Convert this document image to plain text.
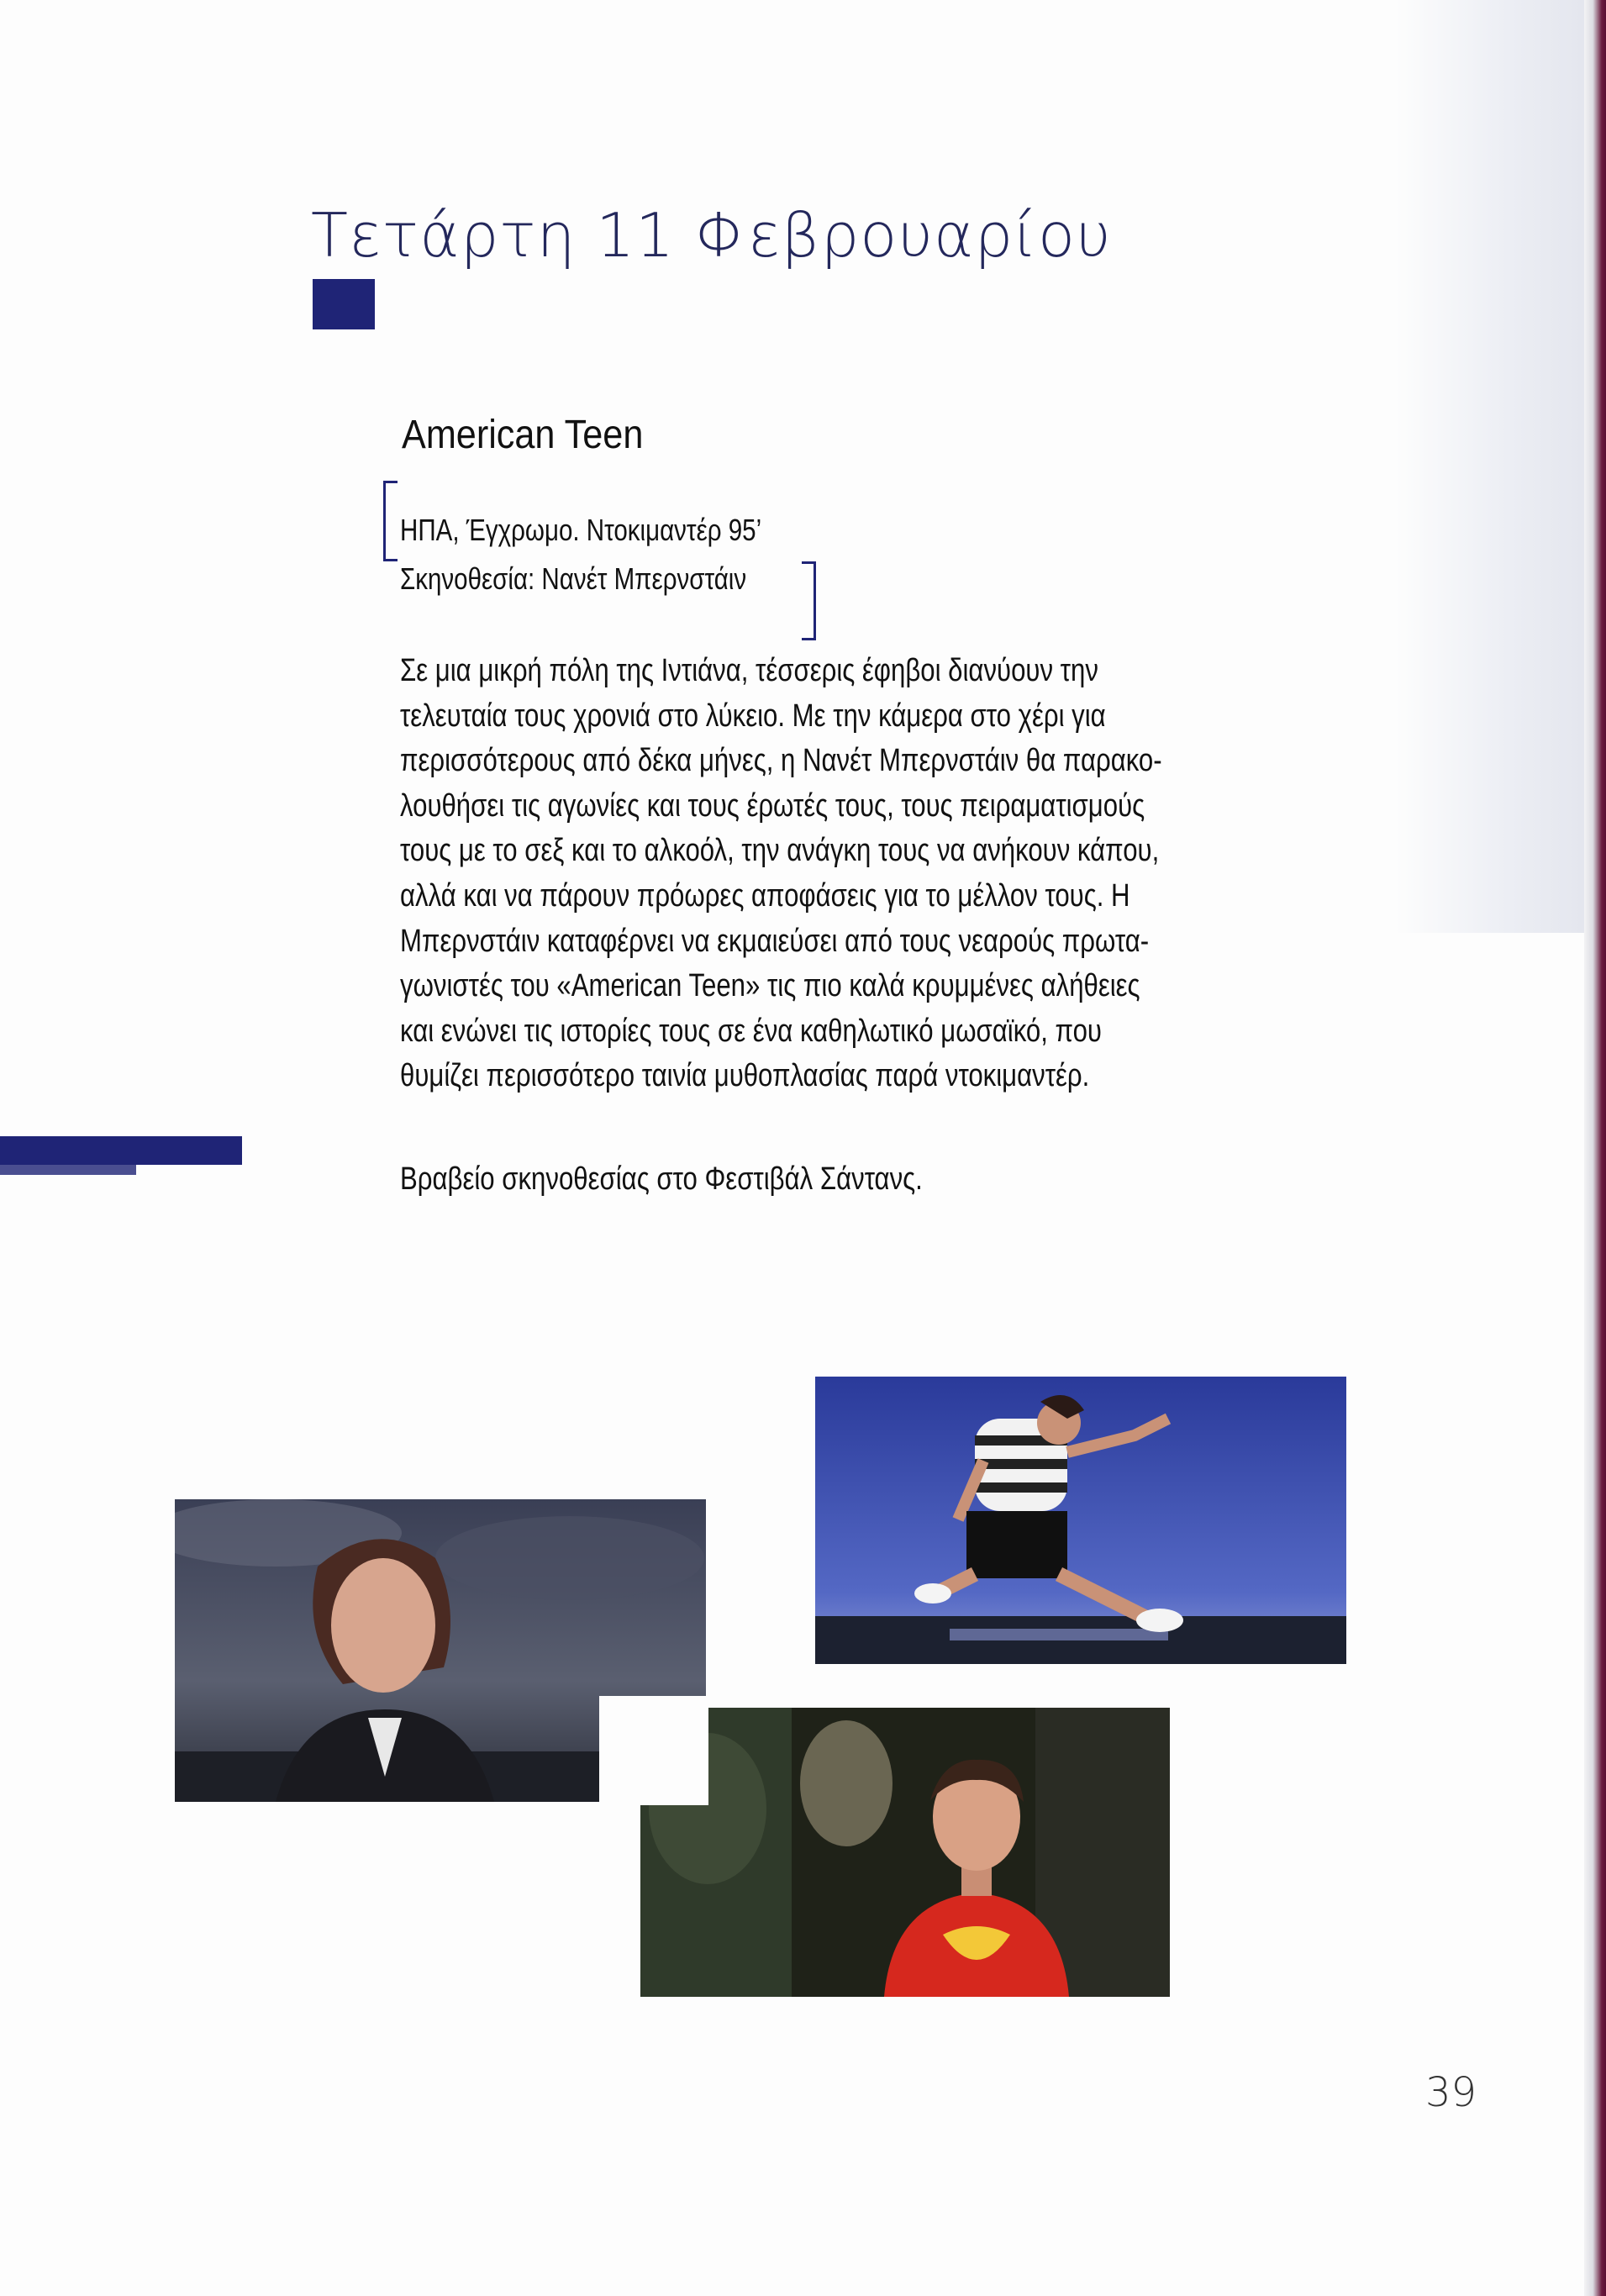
Τετάρτη 11 Φεβρουαρίου
American Teen
ΗΠΑ, Έγχρωμο. Ντοκιμαντέρ 95’
Σκηνοθεσία: Νανέτ Μπερνστάιν
Σε μια μικρή πόλη της Ιντιάνα, τέσσερις έφηβοι διανύουν την
τελευταία τους χρονιά στο λύκειο. Με την κάμερα στο χέρι για
περισσότερους από δέκα μήνες, η Νανέτ Μπερνστάιν θα παρακο-
λουθήσει τις αγωνίες και τους έρωτές τους, τους πειραματισμούς
τους με το σεξ και το αλκοόλ, την ανάγκη τους να ανήκουν κάπου,
αλλά και να πάρουν πρόωρες αποφάσεις για το μέλλον τους. Η
Μπερνστάιν καταφέρνει να εκμαιεύσει από τους νεαρούς πρωτα-
γωνιστές του «American Teen» τις πιο καλά κρυμμένες αλήθειες
και ενώνει τις ιστορίες τους σε ένα καθηλωτικό μωσαϊκό, που
θυμίζει περισσότερο ταινία μυθοπλασίας παρά ντοκιμαντέρ.
Βραβείο σκηνοθεσίας στο Φεστιβάλ Σάντανς.
39
